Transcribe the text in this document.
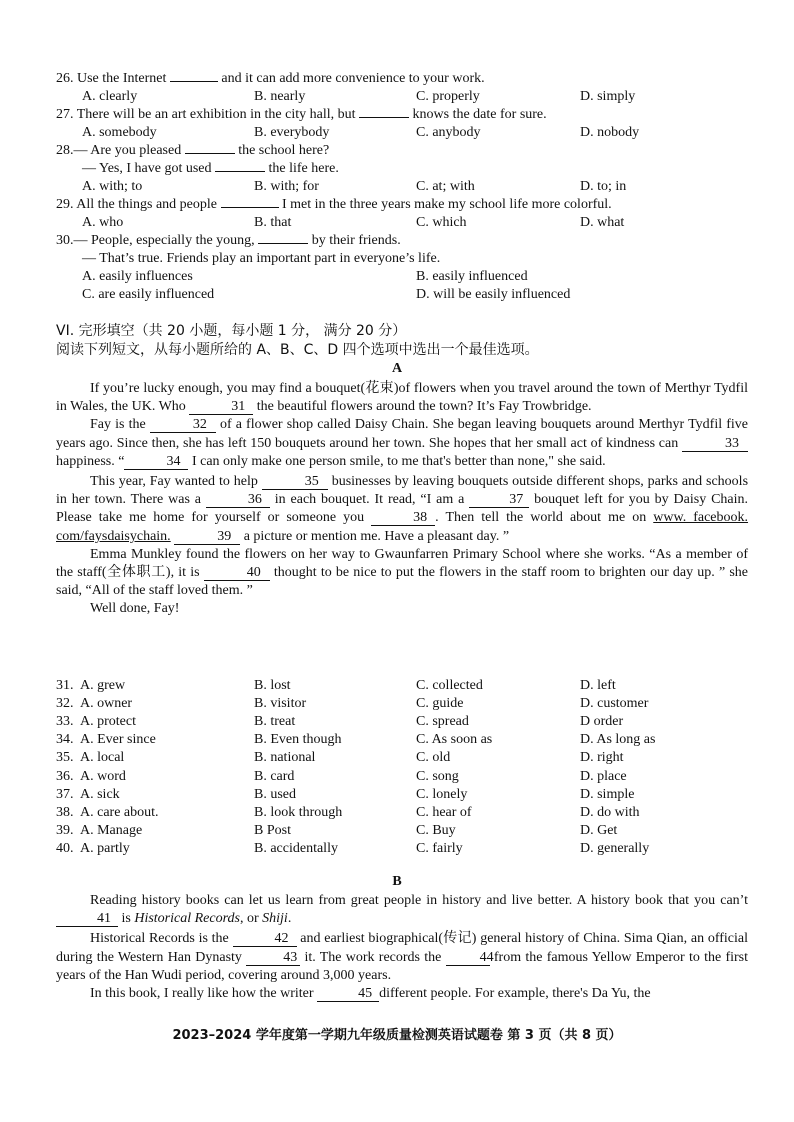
26. Use the Internet	and it can add more convenience to your work.
A. clearly	B. nearly	C. properly	D. simply
27. There will be an art exhibition in the city hall, but	knows the date for sure.
A. somebody	B. everybody	C. anybody	D. nobody
28.— Are you pleased	the school here?
— Yes, I have got used	the life here.
A. with; to	B. with; for	C. at; with	D. to; in
29. All the things and people	I met in the three years make my school life more colorful.
A. who	B. that	C. which	D. what
30.— People, especially the young,	by their friends.
— That’s true. Friends play an important part in everyone’s life.
A. easily influences	B. easily influenced
C. are easily influenced	D. will be easily influenced
VI. 完形填空（共 20 小题，每小题 1 分， 满分 20 分）
阅读下列短文，从每小题所给的 A、B、C、D 四个选项中选出一个最佳选项。
A

If you’re lucky enough, you may find a bouquet(花束)of flowers when you travel around the town of Merthyr Tydfil in Wales, the UK. Who	31 the beautiful flowers around the town? It’s Fay Trowbridge.

Fay is the	32 of a flower shop called Daisy Chain. She began leaving bouquets around Merthyr Tydfil five years ago. Since then, she has left 150 bouquets around her town. She hopes that her small act of kindness can	33 happiness. “	34 I can only make one person smile, to me that's better than none," she said.

This year, Fay wanted to help	35 businesses by leaving bouquets outside different shops, parks and schools in her town. There was a	36 in each bouquet. It read, “I am a	37 bouquet left for you by Daisy Chain. Please take me home for yourself or someone you	38 . Then tell the world about me on www. facebook. com/faysdaisychain.	39 a picture or mention me. Have a pleasant day. ”

Emma Munkley found the flowers on her way to Gwaunfarren Primary School where she works. “As a member of the staff(全体职工), it is	40 thought to be nice to put the flowers in the staff room to brighten our day up. ” she said, “All of the staff loved them. ”

Well done, Fay!

31. A. grew	B. lost	C. collected	D. left
32. A. owner	B. visitor	C. guide	D. customer
33. A. protect	B. treat	C. spread	D order
34. A. Ever since	B. Even though	C. As soon as	D. As long as
35. A. local	B. national	C. old	D. right
36. A. word	B. card	C. song	D. place
37. A. sick	B. used	C. lonely	D. simple
38. A. care about.	B. look through	C. hear of	D. do with
39. A. Manage	B Post	C. Buy	D. Get
40. A. partly	B. accidentally	C. fairly	D. generally
B

Reading history books can let us learn from great people in history and live better. A history book that you can’t 41 is Historical Records, or Shiji.

Historical Records is the	42 and earliest biographical(传记) general history of China. Sima Qian, an official during the Western Han Dynasty	43 it. The work records the	44 from the famous Yellow Emperor to the first years of the Han Wudi period, covering around 3,000 years.

In this book, I really like how the writer	45 different people. For example, there's Da Yu, the

2023–2024 学年度第一学期九年级质量检测英语试题卷 第 3 页（共 8 页）
